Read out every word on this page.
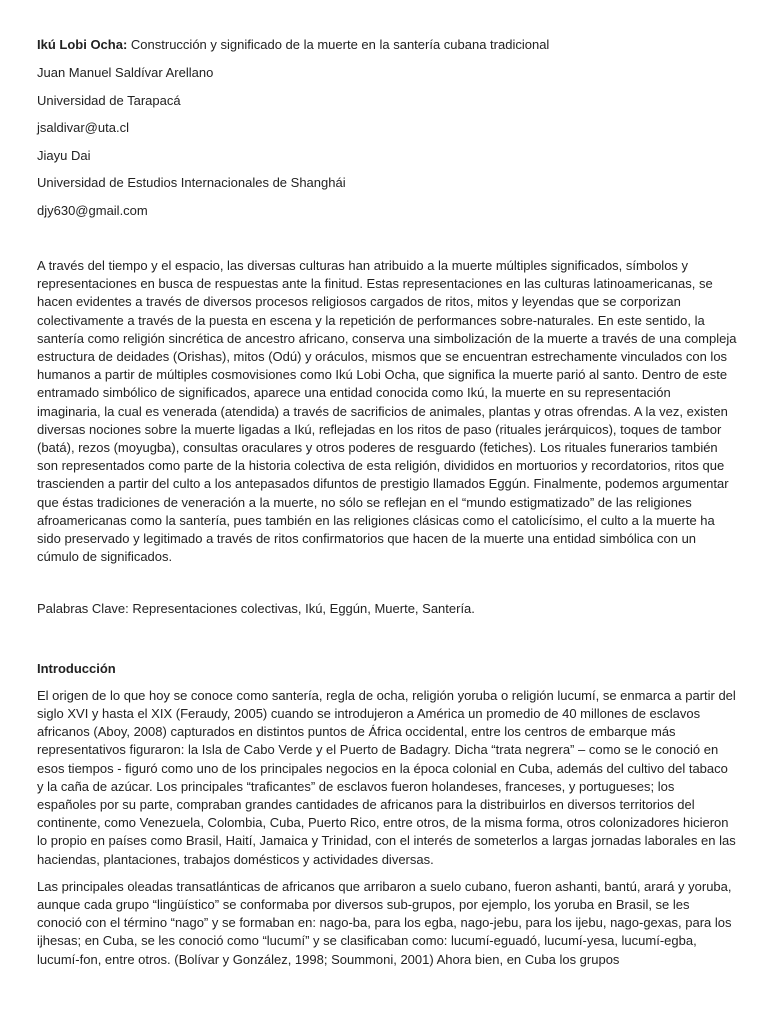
Ikú Lobi Ocha: Construcción y significado de la muerte en la santería cubana tradicional

Juan Manuel Saldívar Arellano

Universidad de Tarapacá

jsaldivar@uta.cl

Jiayu Dai

Universidad de Estudios Internacionales de Shanghái

djy630@gmail.com

A través del tiempo y el espacio, las diversas culturas han atribuido a la muerte múltiples significados, símbolos y representaciones en busca de respuestas ante la finitud. Estas representaciones en las culturas latinoamericanas, se hacen evidentes a través de diversos procesos religiosos cargados de ritos, mitos y leyendas que se corporizan colectivamente a través de la puesta en escena y la repetición de performances sobre-naturales. En este sentido, la santería como religión sincrética de ancestro africano, conserva una simbolización de la muerte a través de una compleja estructura de deidades (Orishas), mitos (Odú) y oráculos, mismos que se encuentran estrechamente vinculados con los humanos a partir de múltiples cosmovisiones como Ikú Lobi Ocha, que significa la muerte parió al santo. Dentro de este entramado simbólico de significados, aparece una entidad conocida como Ikú, la muerte en su representación imaginaria, la cual es venerada (atendida) a través de sacrificios de animales, plantas y otras ofrendas. A la vez, existen diversas nociones sobre la muerte ligadas a Ikú, reflejadas en los ritos de paso (rituales jerárquicos), toques de tambor (batá), rezos (moyugba), consultas oraculares y otros poderes de resguardo (fetiches). Los rituales funerarios también son representados como parte de la historia colectiva de esta religión, divididos en mortuorios y recordatorios, ritos que trascienden a partir del culto a los antepasados difuntos de prestigio llamados Eggún. Finalmente, podemos argumentar que éstas tradiciones de veneración a la muerte, no sólo se reflejan en el “mundo estigmatizado” de las religiones afroamericanas como la santería, pues también en las religiones clásicas como el catolicísimo, el culto a la muerte ha sido preservado y legitimado a través de ritos confirmatorios que hacen de la muerte una entidad simbólica con un cúmulo de significados.

Palabras Clave: Representaciones colectivas, Ikú, Eggún, Muerte, Santería.

Introducción

El origen de lo que hoy se conoce como santería, regla de ocha, religión yoruba o religión lucumí, se enmarca a partir del siglo XVI y hasta el XIX (Feraudy, 2005) cuando se introdujeron a América un promedio de 40 millones de esclavos africanos (Aboy, 2008) capturados en distintos puntos de África occidental, entre los centros de embarque más representativos figuraron: la Isla de Cabo Verde y el Puerto de Badagry. Dicha “trata negrera” – como se le conoció en esos tiempos - figuró como uno de los principales negocios en la época colonial en Cuba, además del cultivo del tabaco y la caña de azúcar. Los principales “traficantes” de esclavos fueron holandeses, franceses, y portugueses; los españoles por su parte, compraban grandes cantidades de africanos para la distribuirlos en diversos territorios del continente, como Venezuela, Colombia, Cuba, Puerto Rico, entre otros, de la misma forma, otros colonizadores hicieron lo propio en países como Brasil, Haití, Jamaica y Trinidad, con el interés de someterlos a largas jornadas laborales en las haciendas, plantaciones, trabajos domésticos y actividades diversas.

Las principales oleadas transatlánticas de africanos que arribaron a suelo cubano, fueron ashanti, bantú, arará y yoruba, aunque cada grupo “lingüístico” se conformaba por diversos sub-grupos, por ejemplo, los yoruba en Brasil, se les conoció con el término “nago” y se formaban en: nago-ba, para los egba, nago-jebu, para los ijebu, nago-gexas, para los ijhesas; en Cuba, se les conoció como “lucumí” y se clasificaban como: lucumí-eguadó, lucumí-yesa, lucumí-egba, lucumí-fon, entre otros. (Bolívar y González, 1998; Soummoni, 2001) Ahora bien, en Cuba los grupos
